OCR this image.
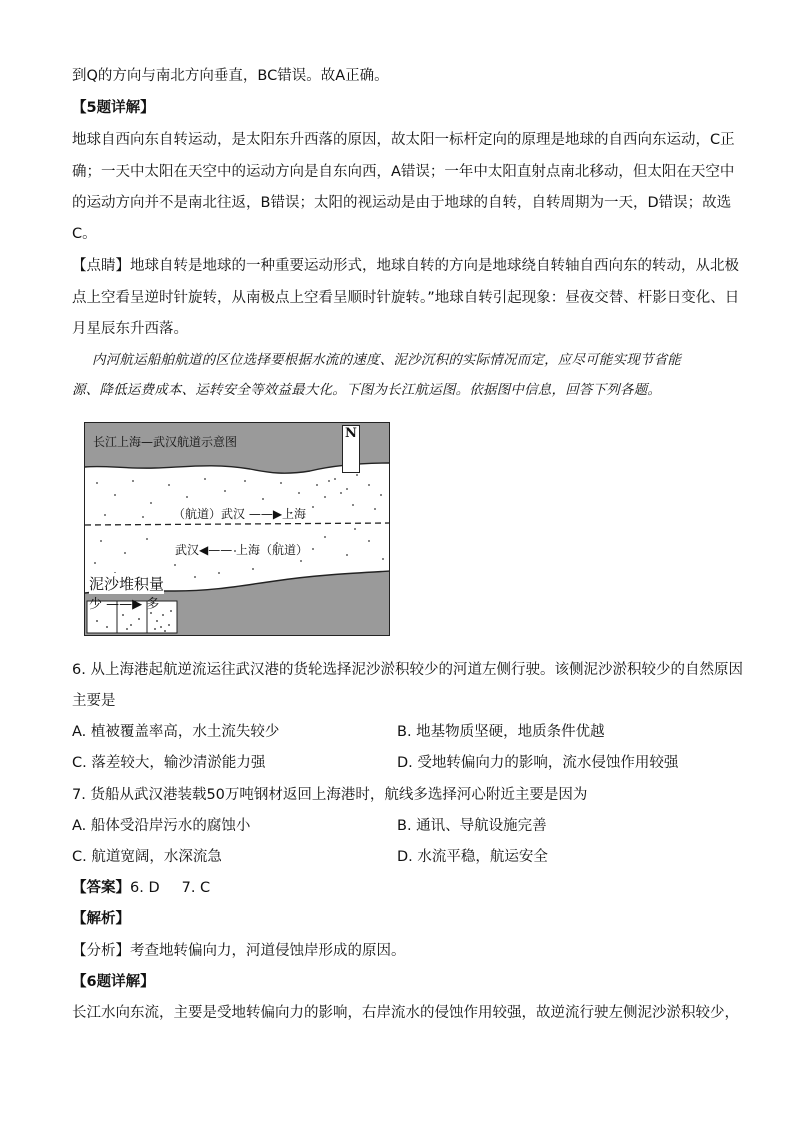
到Q的方向与南北方向垂直，BC错误。故A正确。
【5题详解】
地球自西向东自转运动，是太阳东升西落的原因，故太阳一标杆定向的原理是地球的自西向东运动，C正
确；一天中太阳在天空中的运动方向是自东向西，A错误；一年中太阳直射点南北移动，但太阳在天空中
的运动方向并不是南北往返，B错误；太阳的视运动是由于地球的自转，自转周期为一天，D错误；故选
C。
【点睛】地球自转是地球的一种重要运动形式，地球自转的方向是地球绕自转轴自西向东的转动，从北极
点上空看呈逆时针旋转，从南极点上空看呈顺时针旋转。”地球自转引起现象：昼夜交替、杆影日变化、日
月星辰东升西落。
内河航运船舶航道的区位选择要根据水流的速度、泥沙沉积的实际情况而定，应尽可能实现节省能
源、降低运费成本、运转安全等效益最大化。下图为长江航运图。依据图中信息，回答下列各题。
长江上海—武汉航道示意图
N
（航道）武汉 ——▶上海
武汉◀—— 上海（航道）
泥沙堆积量
少 ——▶ 多
6. 从上海港起航逆流运往武汉港的货轮选择泥沙淤积较少的河道左侧行驶。该侧泥沙淤积较少的自然原因
主要是
A. 植被覆盖率高，水土流失较少	B. 地基物质坚硬，地质条件优越
C. 落差较大，输沙清淤能力强	D. 受地转偏向力的影响，流水侵蚀作用较强
7. 货船从武汉港装载50万吨钢材返回上海港时，航线多选择河心附近主要是因为
A. 船体受沿岸污水的腐蚀小	B. 通讯、导航设施完善
C. 航道宽阔，水深流急	D. 水流平稳，航运安全
【答案】6. D 7. C
【解析】
【分析】考查地转偏向力，河道侵蚀岸形成的原因。
【6题详解】
长江水向东流，主要是受地转偏向力的影响，右岸流水的侵蚀作用较强，故逆流行驶左侧泥沙淤积较少，
